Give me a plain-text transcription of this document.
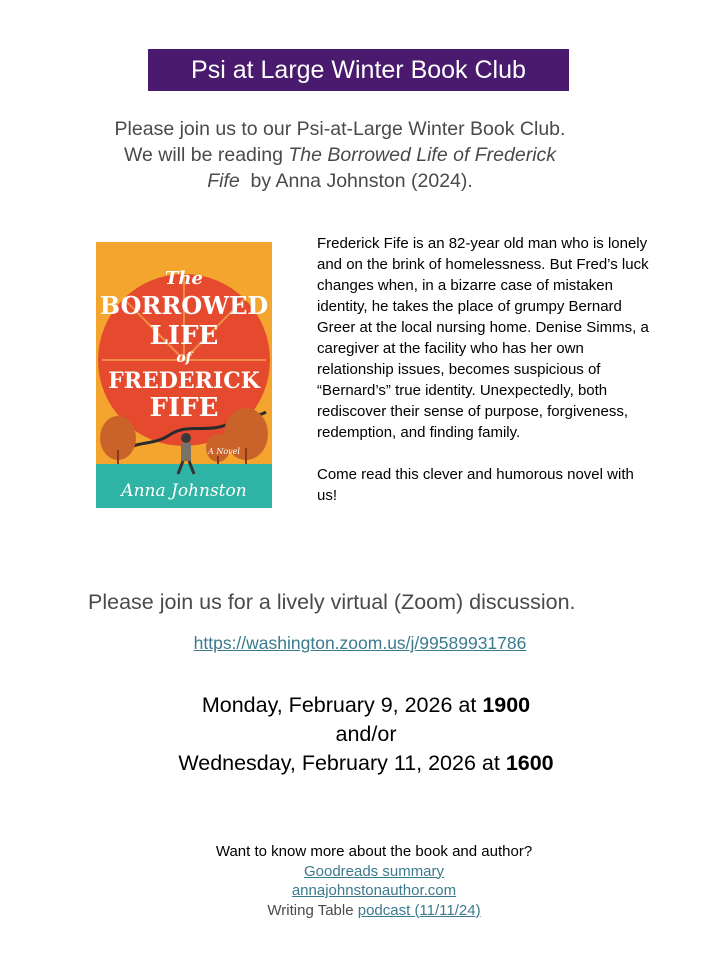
Psi at Large Winter Book Club
Please join us to our Psi-at-Large Winter Book Club.
We will be reading The Borrowed Life of Frederick
Fife  by Anna Johnston (2024).
The
BORROWED
LIFE
of
FREDERICK
FIFE
A Novel
Anna Johnston

Frederick Fife is an 82-year old man who is lonely and on the brink of homelessness. But Fred’s luck changes when, in a bizarre case of mistaken identity, he takes the place of grumpy Bernard Greer at the local nursing home. Denise Simms, a caregiver at the facility who has her own relationship issues, becomes suspicious of “Bernard’s” true identity. Unexpectedly, both rediscover their sense of purpose, forgiveness, redemption, and finding family.

Come read this clever and humorous novel with us!

Please join us for a lively virtual (Zoom) discussion.
https://washington.zoom.us/j/99589931786
Monday, February 9, 2026 at 1900
and/or
Wednesday, February 11, 2026 at 1600
Want to know more about the book and author?
Goodreads summary
annajohnstonauthor.com
Writing Table podcast (11/11/24)
